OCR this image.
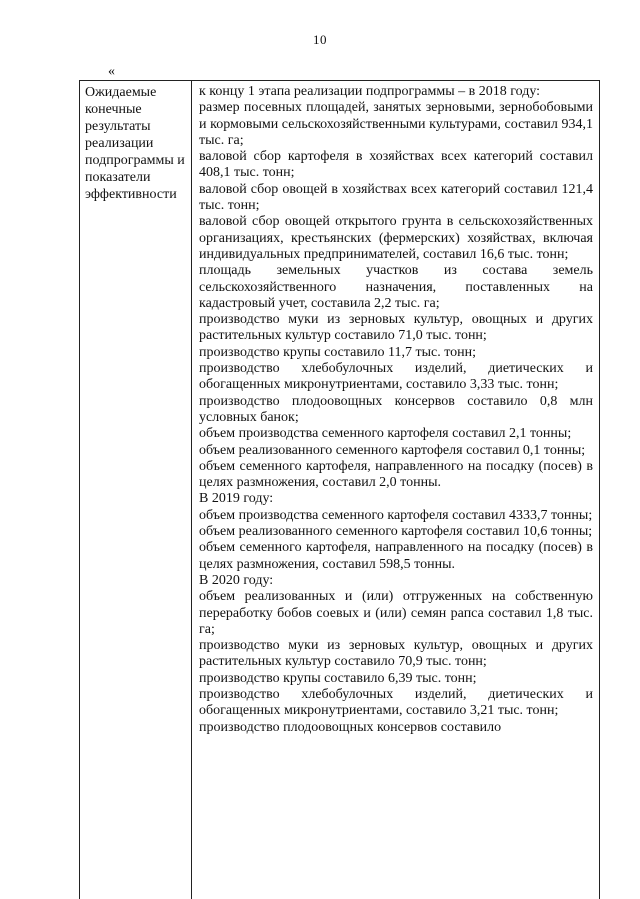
10
«
Ожидаемые
конечные
результаты
реализации
подпрограммы и
показатели
эффективности

к концу 1 этапа реализации подпрограммы – в 2018 году:

размер посевных площадей, занятых зерновыми, зернобобовыми и кормовыми сельскохозяйственными культурами, составил 934,1 тыс. га;

валовой сбор картофеля в хозяйствах всех категорий составил 408,1 тыс. тонн;

валовой сбор овощей в хозяйствах всех категорий составил 121,4 тыс. тонн;

валовой сбор овощей открытого грунта в сельскохозяйственных организациях, крестьянских (фермерских) хозяйствах, включая индивидуальных предпринимателей, составил 16,6 тыс. тонн;

площадь земельных участков из состава земель сельскохозяйственного назначения, поставленных на кадастровый учет, составила 2,2 тыс. га;

производство муки из зерновых культур, овощных и других растительных культур составило 71,0 тыс. тонн;

производство крупы составило 11,7 тыс. тонн;

производство хлебобулочных изделий, диетических и обогащенных микронутриентами, составило 3,33 тыс. тонн;

производство плодоовощных консервов составило 0,8 млн условных банок;

объем производства семенного картофеля составил 2,1 тонны;

объем реализованного семенного картофеля составил 0,1 тонны;

объем семенного картофеля, направленного на посадку (посев) в целях размножения, составил 2,0 тонны.

В 2019 году:

объем производства семенного картофеля составил 4333,7 тонны;

объем реализованного семенного картофеля составил 10,6 тонны;

объем семенного картофеля, направленного на посадку (посев) в целях размножения, составил 598,5 тонны.

В 2020 году:

объем реализованных и (или) отгруженных на собственную переработку бобов соевых и (или) семян рапса составил 1,8 тыс. га;

производство муки из зерновых культур, овощных и других растительных культур составило 70,9 тыс. тонн;

производство крупы составило 6,39 тыс. тонн;

производство хлебобулочных изделий, диетических и обогащенных микронутриентами, составило 3,21 тыс. тонн;

производство плодоовощных консервов составило
